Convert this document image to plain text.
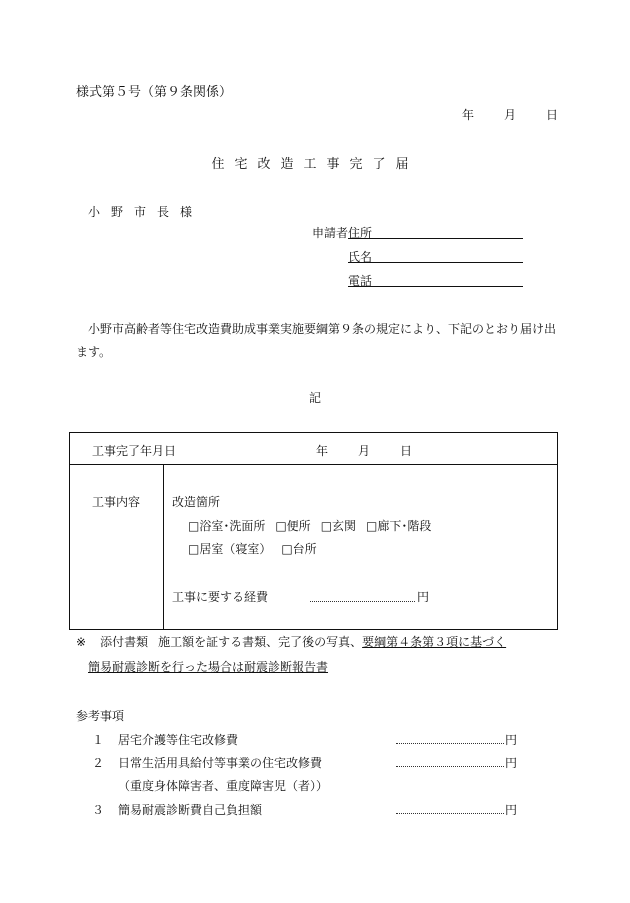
様式第５号（第９条関係）
年	月	日
住宅改造工事完了届
小野市長様
申請者 住所
氏名
電話
小野市高齢者等住宅改造費助成事業実施要綱第９条の規定により、下記のとおり届け出ます。
記
工事完了年月日	年	月	日
工事内容	改造箇所
□浴室･洗面所 □便所 □玄関 □廊下･階段
□居室（寝室） □台所
工事に要する経費	円
※ 添付書類 施工額を証する書類、完了後の写真、要綱第４条第３項に基づく
簡易耐震診断を行った場合は耐震診断報告書
参考事項
１ 居宅介護等住宅改修費	円
２ 日常生活用具給付等事業の住宅改修費	円
（重度身体障害者、重度障害児（者））
３ 簡易耐震診断費自己負担額	円
